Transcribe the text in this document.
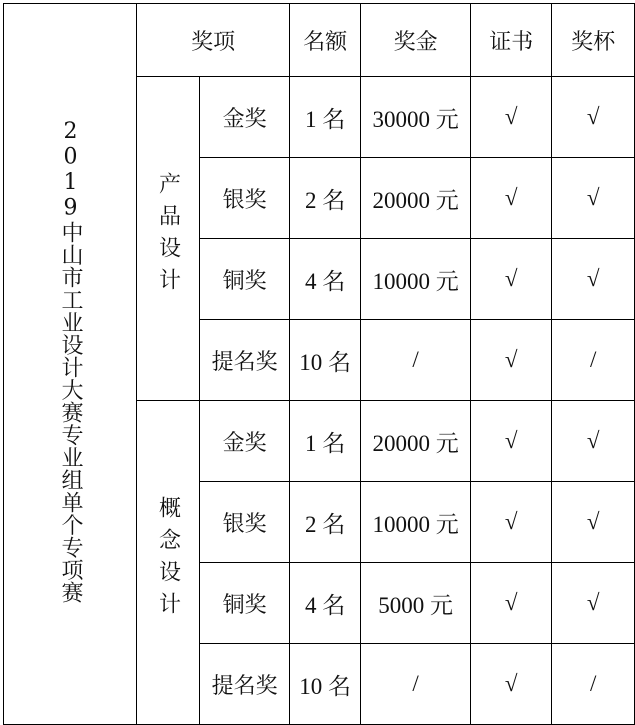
2019中山市工业设计大赛专业组单个专项赛	奖项		名额	奖金	证书	奖杯
	产品设计	金奖	1 名	30000 元	√	√
		银奖	2 名	20000 元	√	√
		铜奖	4 名	10000 元	√	√
		提名奖	10 名	/	√	/
	概念设计	金奖	1 名	20000 元	√	√
		银奖	2 名	10000 元	√	√
		铜奖	4 名	5000 元	√	√
		提名奖	10 名	/	√	/
